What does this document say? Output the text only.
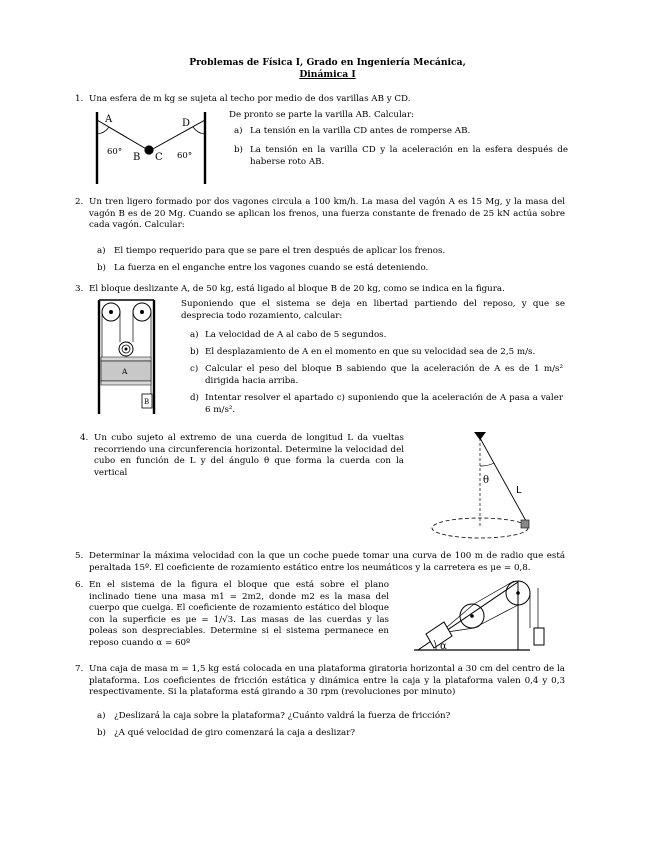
Problemas de Física I, Grado en Ingeniería Mecánica,
Dinámica I
1. Una esfera de m kg se sujeta al techo por medio de dos varillas AB y CD.
De pronto se parte la varilla AB. Calcular:
a) La tensión en la varilla CD antes de romperse AB.
b) La tensión en la varilla CD y la aceleración en la esfera después de haberse roto AB.
A	D
B C
60°	60°
2. Un tren ligero formado por dos vagones circula a 100 km/h. La masa del vagón A es 15 Mg, y la masa del vagón B es de 20 Mg. Cuando se aplican los frenos, una fuerza constante de frenado de 25 kN actúa sobre cada vagón. Calcular:
a) El tiempo requerido para que se pare el tren después de aplicar los frenos.
b) La fuerza en el enganche entre los vagones cuando se está deteniendo.
3. El bloque deslizante A, de 50 kg, está ligado al bloque B de 20 kg, como se indica en la figura.
Suponiendo que el sistema se deja en libertad partiendo del reposo, y que se desprecia todo rozamiento, calcular:
a) La velocidad de A al cabo de 5 segundos.
b) El desplazamiento de A en el momento en que su velocidad sea de 2,5 m/s.
c) Calcular el peso del bloque B sabiendo que la aceleración de A es de 1 m/s² dirigida hacia arriba.
d) Intentar resolver el apartado c) suponiendo que la aceleración de A pasa a valer 6 m/s².
A
B
4. Un cubo sujeto al extremo de una cuerda de longitud L da vueltas recorriendo una circunferencia horizontal. Determine la velocidad del cubo en función de L y del ángulo θ que forma la cuerda con la vertical
θ
L
5. Determinar la máxima velocidad con la que un coche puede tomar una curva de 100 m de radio que está peraltada 15º. El coeficiente de rozamiento estático entre los neumáticos y la carretera es μe = 0,8.
6. En el sistema de la figura el bloque que está sobre el plano inclinado tiene una masa m1 = 2m2, donde m2 es la masa del cuerpo que cuelga. El coeficiente de rozamiento estático del bloque con la superficie es μe = 1/√3. Las masas de las cuerdas y las poleas son despreciables. Determine si el sistema permanece en reposo cuando α = 60º	α
7. Una caja de masa m = 1,5 kg está colocada en una plataforma giratoria horizontal a 30 cm del centro de la plataforma. Los coeficientes de fricción estática y dinámica entre la caja y la plataforma valen 0,4 y 0,3 respectivamente. Si la plataforma está girando a 30 rpm (revoluciones por minuto)
a) ¿Deslizará la caja sobre la plataforma? ¿Cuánto valdrá la fuerza de fricción?
b) ¿A qué velocidad de giro comenzará la caja a deslizar?
